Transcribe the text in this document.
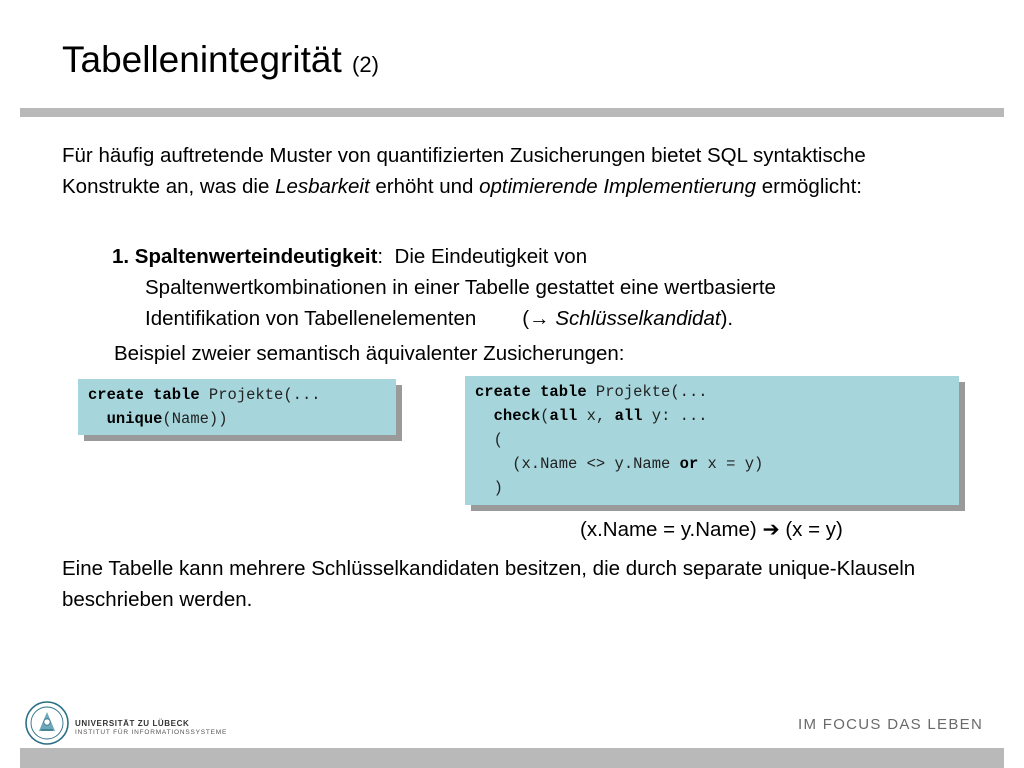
Tabellenintegrität (2)
Für häufig auftretende Muster von quantifizierten Zusicherungen bietet SQL syntaktische Konstrukte an, was die Lesbarkeit erhöht und optimierende Implementierung ermöglicht:
1. Spaltenwerteindeutigkeit:  Die Eindeutigkeit von
Spaltenwertkombinationen in einer Tabelle gestattet eine wertbasierte
Identifikation von Tabellenelementen (→ Schlüsselkandidat).
Beispiel zweier semantisch äquivalenter Zusicherungen:
create table Projekte(...
unique(Name))
create table Projekte(...
check(all x, all y: ...
(
(x.Name <> y.Name or x = y)
)
(x.Name = y.Name) ➔ (x = y)
Eine Tabelle kann mehrere Schlüsselkandidaten besitzen, die durch separate unique-Klauseln beschrieben werden.
UNIVERSITÄT ZU LÜBECK
INSTITUT FÜR INFORMATIONSSYSTEME	IM FOCUS DAS LEBEN
